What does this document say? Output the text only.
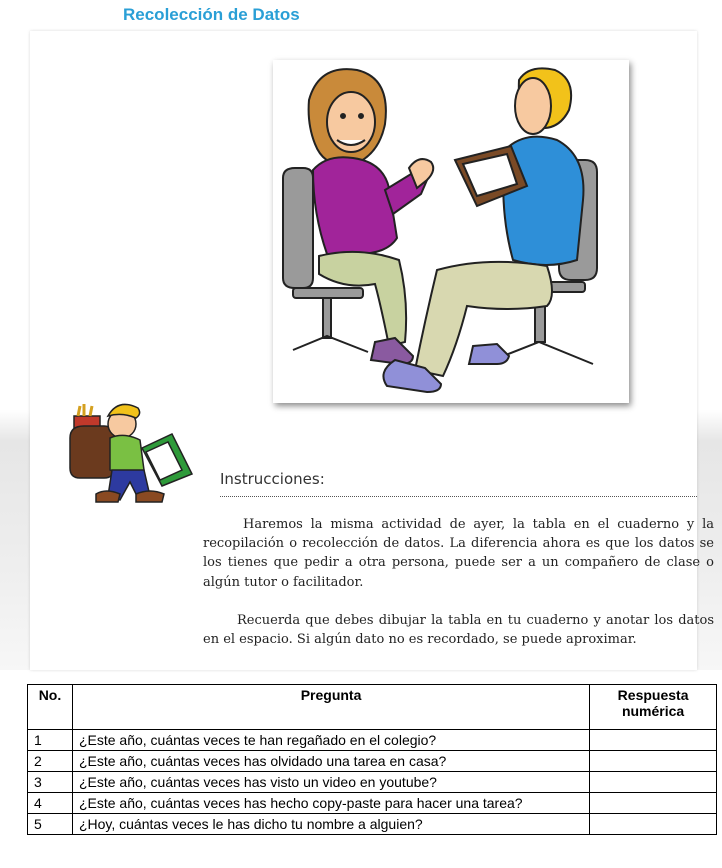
Recolección de Datos
Instrucciones:

Haremos la misma actividad de ayer, la tabla en el cuaderno y la recopilación o recolección de datos. La diferencia ahora es que los datos se los tienes que pedir a otra persona, puede ser a un compañero de clase o algún tutor o facilitador.

Recuerda que debes dibujar la tabla en tu cuaderno y anotar los datos en el espacio. Si algún dato no es recordado, se puede aproximar.

No.	Pregunta	Respuesta numérica
1	¿Este año, cuántas veces te han regañado en el colegio?	
2	¿Este año, cuántas veces has olvidado una tarea en casa?	
3	¿Este año, cuántas veces has visto un video en youtube?	
4	¿Este año, cuántas veces has hecho copy-paste para hacer una tarea?	
5	¿Hoy, cuántas veces le has dicho tu nombre a alguien?	
